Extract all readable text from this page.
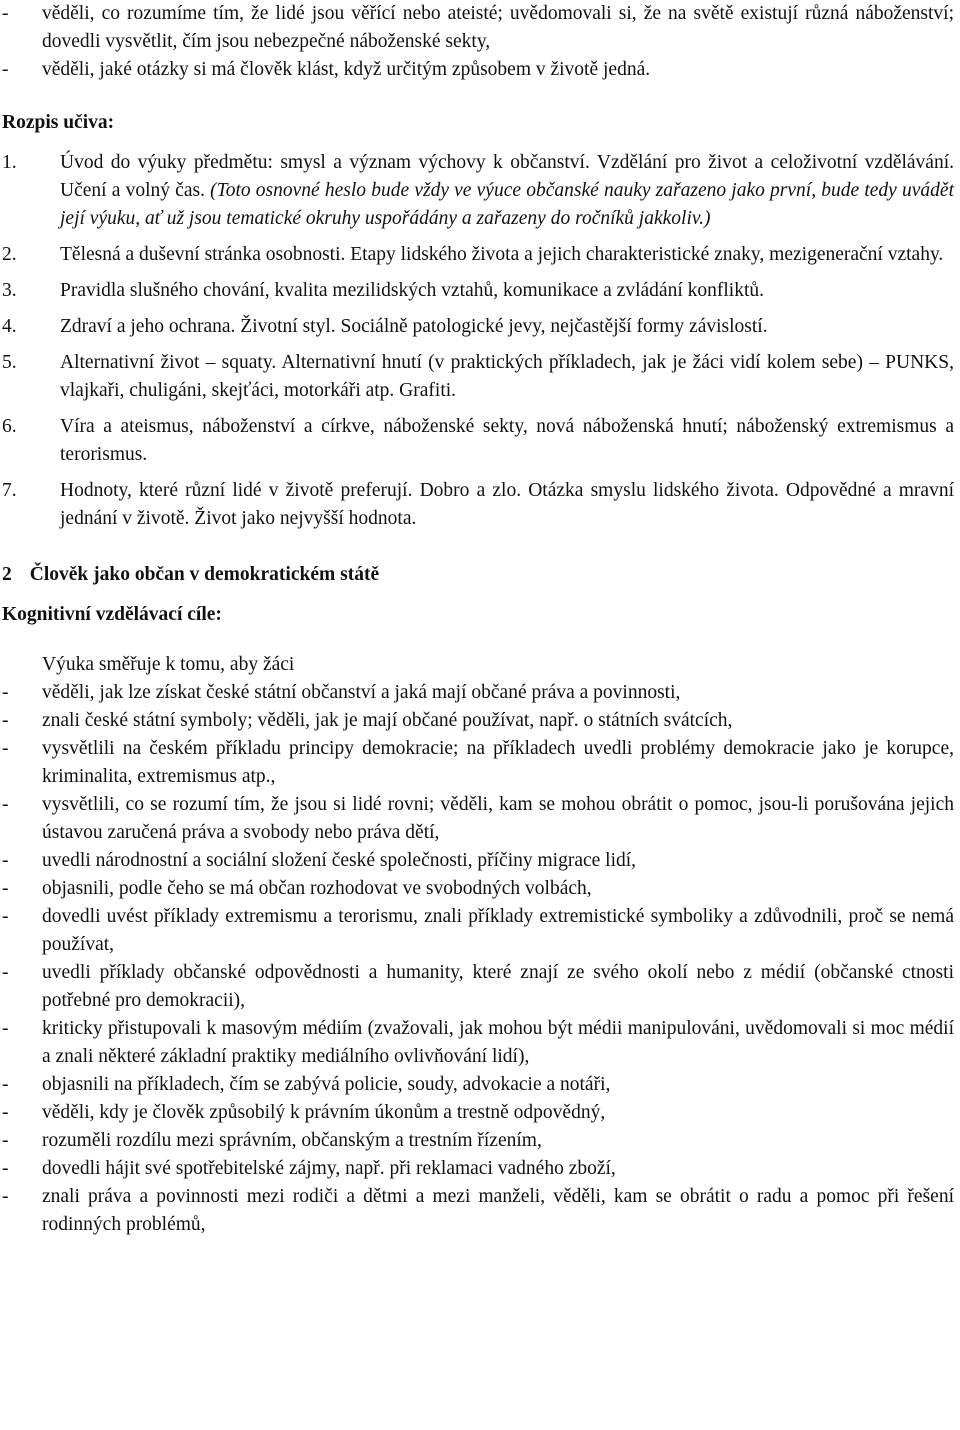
- věděli, co rozumíme tím, že lidé jsou věřící nebo ateisté; uvědomovali si, že na světě existují různá náboženství; dovedli vysvětlit, čím jsou nebezpečné náboženské sekty,
- věděli, jaké otázky si má člověk klást, když určitým způsobem v životě jedná.
Rozpis učiva:
1. Úvod do výuky předmětu: smysl a význam výchovy k občanství. Vzdělání pro život a celoživotní vzdělávání. Učení a volný čas. (Toto osnovné heslo bude vždy ve výuce občanské nauky zařazeno jako první, bude tedy uvádět její výuku, ať už jsou tematické okruhy uspořádány a zařazeny do ročníků jakkoliv.)
2. Tělesná a duševní stránka osobnosti. Etapy lidského života a jejich charakteristické znaky, mezigenerační vztahy.
3. Pravidla slušného chování, kvalita mezilidských vztahů, komunikace a zvládání konfliktů.
4. Zdraví a jeho ochrana. Životní styl. Sociálně patologické jevy, nejčastější formy závislostí.
5. Alternativní život – squaty. Alternativní hnutí (v praktických příkladech, jak je žáci vidí kolem sebe) – PUNKS, vlajkaři, chuligáni, skejťáci, motorkáři atp. Grafiti.
6. Víra a ateismus, náboženství a církve, náboženské sekty, nová náboženská hnutí; náboženský extremismus a terorismus.
7. Hodnoty, které různí lidé v životě preferují. Dobro a zlo. Otázka smyslu lidského života. Odpovědné a mravní jednání v životě. Život jako nejvyšší hodnota.
2 Člověk jako občan v demokratickém státě
Kognitivní vzdělávací cíle:
Výuka směřuje k tomu, aby žáci
- věděli, jak lze získat české státní občanství a jaká mají občané práva a povinnosti,
- znali české státní symboly; věděli, jak je mají občané používat, např. o státních svátcích,
- vysvětlili na českém příkladu principy demokracie; na příkladech uvedli problémy demokracie jako je korupce, kriminalita, extremismus atp.,
- vysvětlili, co se rozumí tím, že jsou si lidé rovni; věděli, kam se mohou obrátit o pomoc, jsou-li porušována jejich ústavou zaručená práva a svobody nebo práva dětí,
- uvedli národnostní a sociální složení české společnosti, příčiny migrace lidí,
- objasnili, podle čeho se má občan rozhodovat ve svobodných volbách,
- dovedli uvést příklady extremismu a terorismu, znali příklady extremistické symboliky a zdůvodnili, proč se nemá používat,
- uvedli příklady občanské odpovědnosti a humanity, které znají ze svého okolí nebo z médií (občanské ctnosti potřebné pro demokracii),
- kriticky přistupovali k masovým médiím (zvažovali, jak mohou být médii manipulováni, uvědomovali si moc médií a znali některé základní praktiky mediálního ovlivňování lidí),
- objasnili na příkladech, čím se zabývá policie, soudy, advokacie a notáři,
- věděli, kdy je člověk způsobilý k právním úkonům a trestně odpovědný,
- rozuměli rozdílu mezi správním, občanským a trestním řízením,
- dovedli hájit své spotřebitelské zájmy, např. při reklamaci vadného zboží,
- znali práva a povinnosti mezi rodiči a dětmi a mezi manželi, věděli, kam se obrátit o radu a pomoc při řešení rodinných problémů,
